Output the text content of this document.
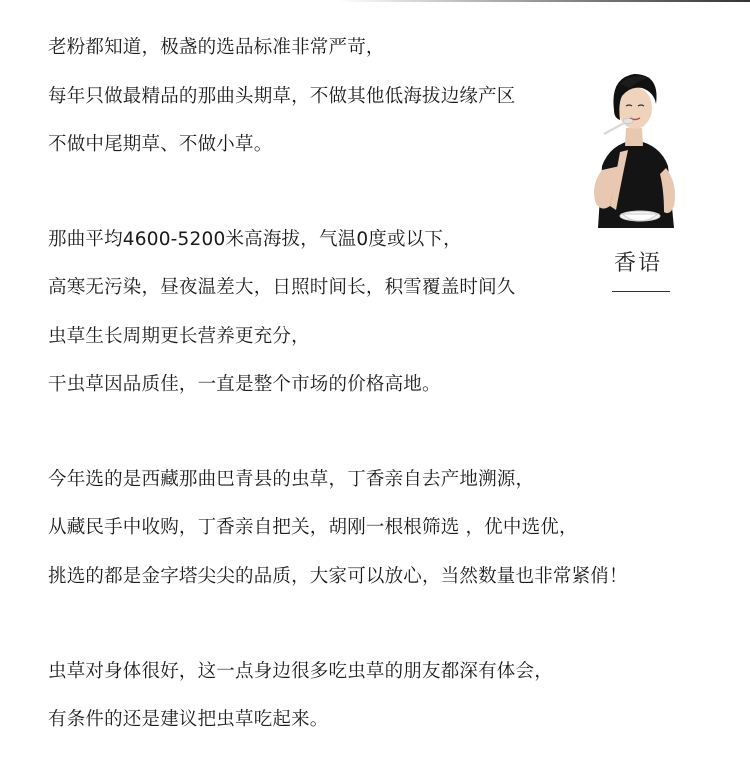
老粉都知道，极盏的选品标准非常严苛，
每年只做最精品的那曲头期草，不做其他低海拔边缘产区
不做中尾期草、不做小草。
那曲平均4600-5200米高海拔，气温0度或以下，
高寒无污染，昼夜温差大，日照时间长，积雪覆盖时间久
虫草生长周期更长营养更充分，
干虫草因品质佳，一直是整个市场的价格高地。
今年选的是西藏那曲巴青县的虫草，丁香亲自去产地溯源，
从藏民手中收购，丁香亲自把关，胡刚一根根筛选 ，优中选优，
挑选的都是金字塔尖尖的品质，大家可以放心，当然数量也非常紧俏！
虫草对身体很好，这一点身边很多吃虫草的朋友都深有体会，
有条件的还是建议把虫草吃起来。
香语
